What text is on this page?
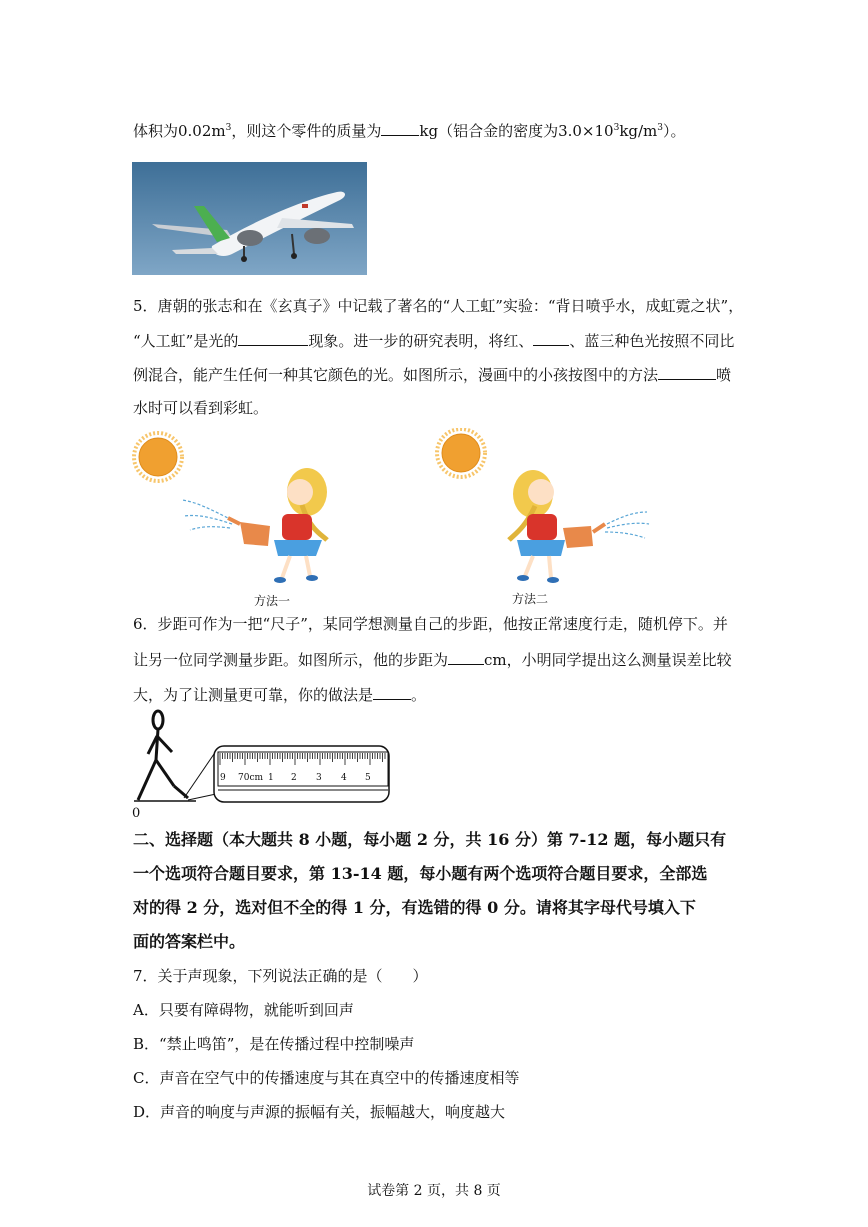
体积为$0.02m^3$，则这个零件的质量为	kg（铝合金的密度为$3.0\times 10^3kg/m^3$）。
5．唐朝的张志和在《玄真子》中记载了著名的“人工虹”实验：“背日喷乎水，成虹霓之状”，
“人工虹”是光的	现象。进一步的研究表明，将红、 、蓝三种色光按照不同比
例混合，能产生任何一种其它颜色的光。如图所示，漫画中的小孩按图中的方法	喷
水时可以看到彩虹。
方法一	方法二
6．步距可作为一把“尺子”，某同学想测量自己的步距，他按正常速度行走，随机停下。并
让另一位同学测量步距。如图所示，他的步距为 cm，小明同学提出这么测量误差比较
大，为了让测量更可靠，你的做法是	。
9 70cm 1 2 3 4 5
0
二、选择题（本大题共 8 小题，每小题 2 分，共 16 分）第 7-12 题，每小题只有
一个选项符合题目要求，第 13-14 题，每小题有两个选项符合题目要求，全部选
对的得 2 分，选对但不全的得 1 分，有选错的得 0 分。请将其字母代号填入下
面的答案栏中。
7．关于声现象，下列说法正确的是（　　）
A．只要有障碍物，就能听到回声
B．“禁止鸣笛”，是在传播过程中控制噪声
C．声音在空气中的传播速度与其在真空中的传播速度相等
D．声音的响度与声源的振幅有关，振幅越大，响度越大
试卷第 2 页，共 8 页
